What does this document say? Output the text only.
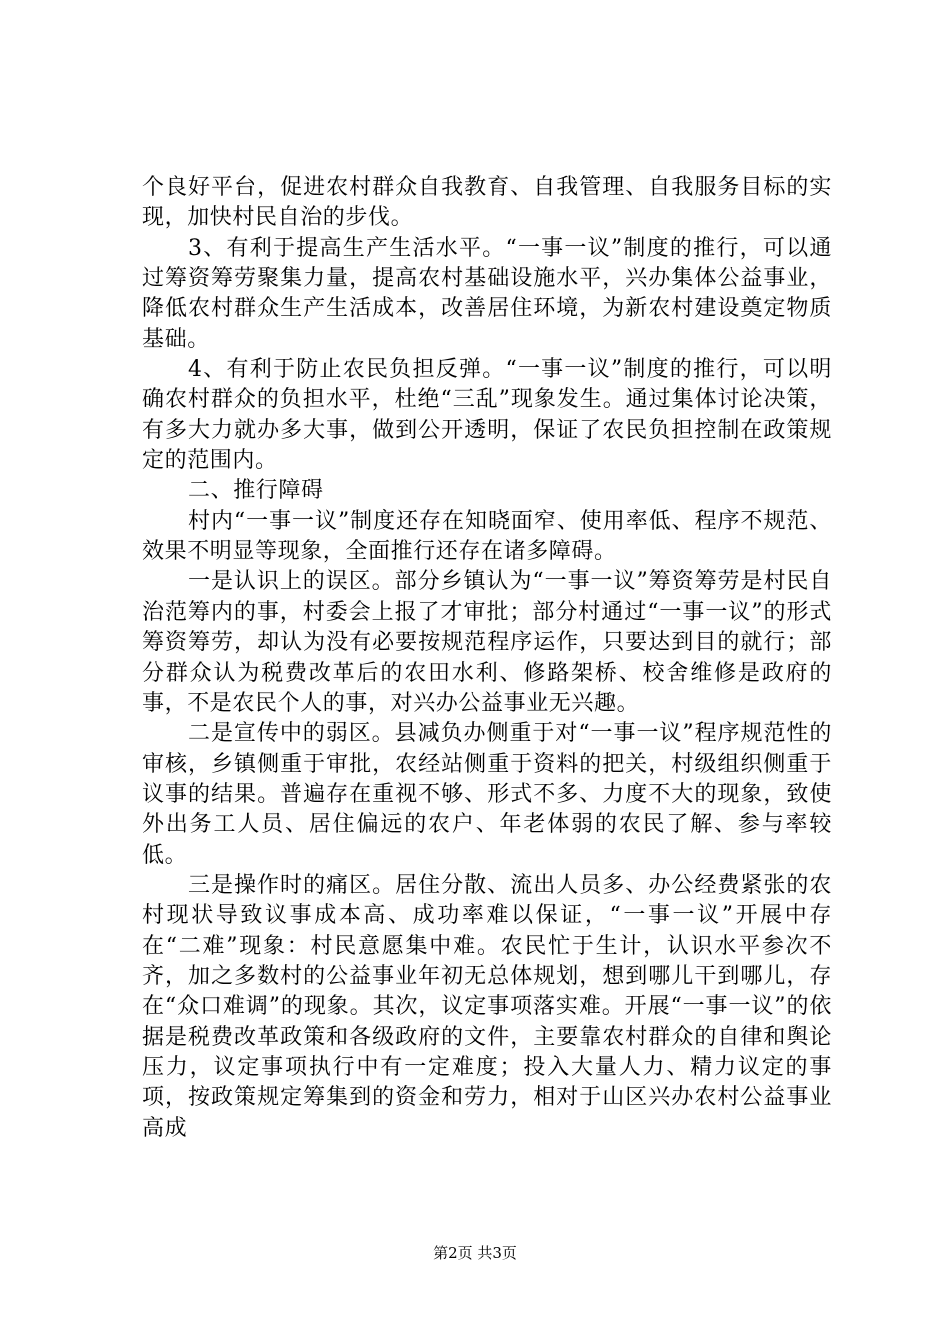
个良好平台，促进农村群众自我教育、自我管理、自我服务目标的实现，加快村民自治的步伐。

3、有利于提高生产生活水平。“一事一议”制度的推行，可以通过筹资筹劳聚集力量，提高农村基础设施水平，兴办集体公益事业，降低农村群众生产生活成本，改善居住环境，为新农村建设奠定物质基础。

4、有利于防止农民负担反弹。“一事一议”制度的推行，可以明确农村群众的负担水平，杜绝“三乱”现象发生。通过集体讨论决策，有多大力就办多大事，做到公开透明，保证了农民负担控制在政策规定的范围内。

二、推行障碍

村内“一事一议”制度还存在知晓面窄、使用率低、程序不规范、效果不明显等现象，全面推行还存在诸多障碍。

一是认识上的误区。部分乡镇认为“一事一议”筹资筹劳是村民自治范筹内的事，村委会上报了才审批；部分村通过“一事一议”的形式筹资筹劳，却认为没有必要按规范程序运作，只要达到目的就行；部分群众认为税费改革后的农田水利、修路架桥、校舍维修是政府的事，不是农民个人的事，对兴办公益事业无兴趣。

二是宣传中的弱区。县减负办侧重于对“一事一议”程序规范性的审核，乡镇侧重于审批，农经站侧重于资料的把关，村级组织侧重于议事的结果。普遍存在重视不够、形式不多、力度不大的现象，致使外出务工人员、居住偏远的农户、年老体弱的农民了解、参与率较低。

三是操作时的痛区。居住分散、流出人员多、办公经费紧张的农村现状导致议事成本高、成功率难以保证，“一事一议”开展中存在“二难”现象：村民意愿集中难。农民忙于生计，认识水平参次不齐，加之多数村的公益事业年初无总体规划，想到哪儿干到哪儿，存在“众口难调”的现象。其次，议定事项落实难。开展“一事一议”的依据是税费改革政策和各级政府的文件，主要靠农村群众的自律和舆论压力，议定事项执行中有一定难度；投入大量人力、精力议定的事项，按政策规定筹集到的资金和劳力，相对于山区兴办农村公益事业高成

第2页 共3页
